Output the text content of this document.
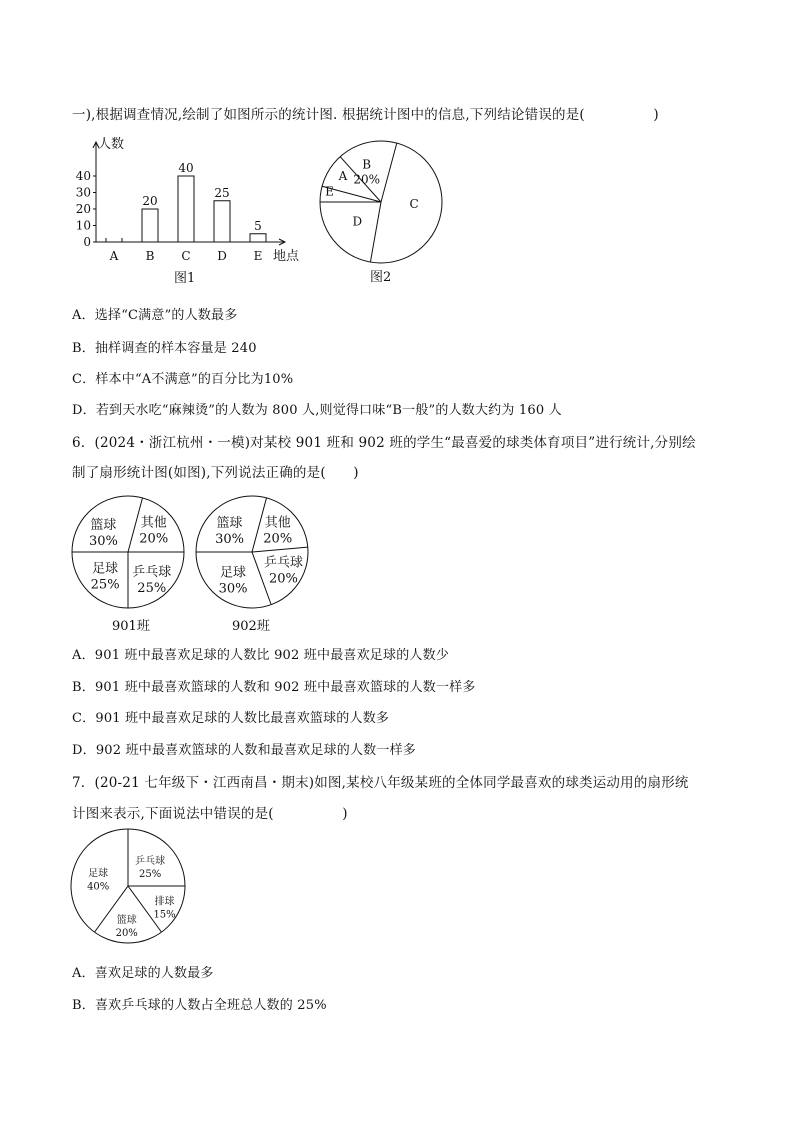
一),根据调查情况,绘制了如图所示的统计图. 根据统计图中的信息,下列结论错误的是(　　　　　)
人数
地点
图1
0
10
20
30
40
A B
20
C
40
D
25
E
5
B
20%
C
D
E
A
图2
A．选择“C满意”的人数最多
B．抽样调查的样本容量是 240
C．样本中“A不满意”的百分比为10%
D．若到天水吃“麻辣烫”的人数为 800 人,则觉得口味“B一般”的人数大约为 160 人
6．(2024・浙江杭州・一模)对某校 901 班和 902 班的学生“最喜爱的球类体育项目”进行统计,分别绘
制了扇形统计图(如图),下列说法正确的是(　　)
篮球
30%
其他
20%
乒乓球
25%
足球
25%
901班
篮球
30%
其他
20%
乒乓球
20%
足球
30%
902班
A．901 班中最喜欢足球的人数比 902 班中最喜欢足球的人数少
B．901 班中最喜欢篮球的人数和 902 班中最喜欢篮球的人数一样多
C．901 班中最喜欢足球的人数比最喜欢篮球的人数多
D．902 班中最喜欢篮球的人数和最喜欢足球的人数一样多
7．(20-21 七年级下・江西南昌・期末)如图,某校八年级某班的全体同学最喜欢的球类运动用的扇形统
计图来表示,下面说法中错误的是(　　　　　)
乒乓球
25%
排球
15%
篮球
20%
足球
40%
A．喜欢足球的人数最多
B．喜欢乒乓球的人数占全班总人数的 25%
